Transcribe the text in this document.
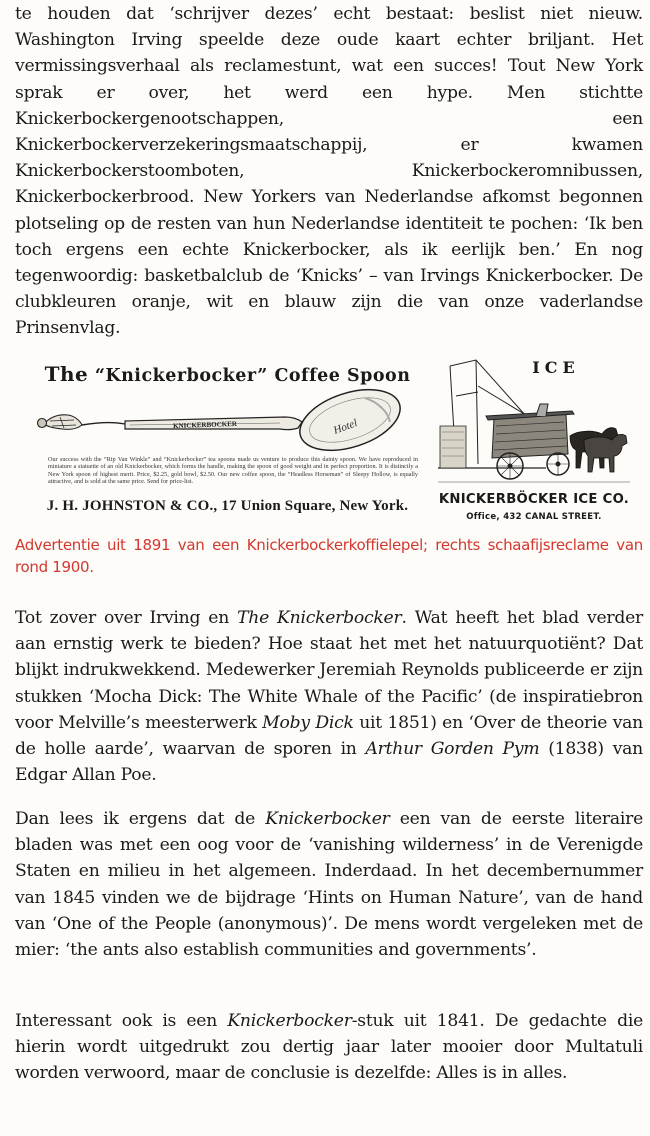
te houden dat ‘schrijver dezes’ echt bestaat: beslist niet nieuw. Washington Irving speelde deze oude kaart echter briljant. Het vermissingsverhaal als reclamestunt, wat een succes! Tout New York sprak er over, het werd een hype. Men stichtte Knickerbockergenootschappen, een Knickerbockerverzekeringsmaatschappij, er kwamen Knickerbockerstoomboten, Knickerbockeromnibussen, Knickerbockerbrood. New Yorkers van Nederlandse afkomst begonnen plotseling op de resten van hun Nederlandse identiteit te pochen: ‘Ik ben toch ergens een echte Knickerbocker, als ik eerlijk ben.’ En nog tegenwoordig: basketbalclub de ‘Knicks’ – van Irvings Knickerbocker. De clubkleuren oranje, wit en blauw zijn die van onze vaderlandse Prinsenvlag.

The “Knickerbocker” Coffee Spoon
KNICKERBOCKER	Hotel
Our success with the “Rip Van Winkle” and “Knickerbocker” tea spoons made us venture to produce this dainty spoon. We have reproduced in miniature a statuette of an old Knickerbocker, which forms the handle, making the spoon of good weight and in perfect proportion. It is distinctly a New York spoon of highest merit. Price, $2.25, gold bowl, $2.50. Our new coffee spoon, the “Headless Horseman” of Sleepy Hollow, is equally attractive, and is sold at the same price. Send for price-list.
J. H. JOHNSTON & CO., 17 Union Square, New York.
ICE
KNICKERBÖCKER ICE CO.
Office, 432 CANAL STREET.
Advertentie uit 1891 van een Knickerbockerkoffielepel; rechts schaafijsreclame van rond 1900.

Tot zover over Irving en The Knickerbocker. Wat heeft het blad verder aan ernstig werk te bieden? Hoe staat het met het natuurquotiënt? Dat blijkt indrukwekkend. Medewerker Jeremiah Reynolds publiceerde er zijn stukken ‘Mocha Dick: The White Whale of the Pacific’ (de inspiratiebron voor Melville’s meesterwerk Moby Dick uit 1851) en ‘Over de theorie van de holle aarde’, waarvan de sporen in Arthur Gorden Pym (1838) van Edgar Allan Poe.

Dan lees ik ergens dat de Knickerbocker een van de eerste literaire bladen was met een oog voor de ‘vanishing wilderness’ in de Verenigde Staten en milieu in het algemeen. Inderdaad. In het decembernummer van 1845 vinden we de bijdrage ‘Hints on Human Nature’, van de hand van ‘One of the People (anonymous)’. De mens wordt vergeleken met de mier: ‘the ants also establish communities and governments’.

Interessant ook is een Knickerbocker-stuk uit 1841. De gedachte die hierin wordt uitgedrukt zou dertig jaar later mooier door Multatuli worden verwoord, maar de conclusie is dezelfde: Alles is in alles.
